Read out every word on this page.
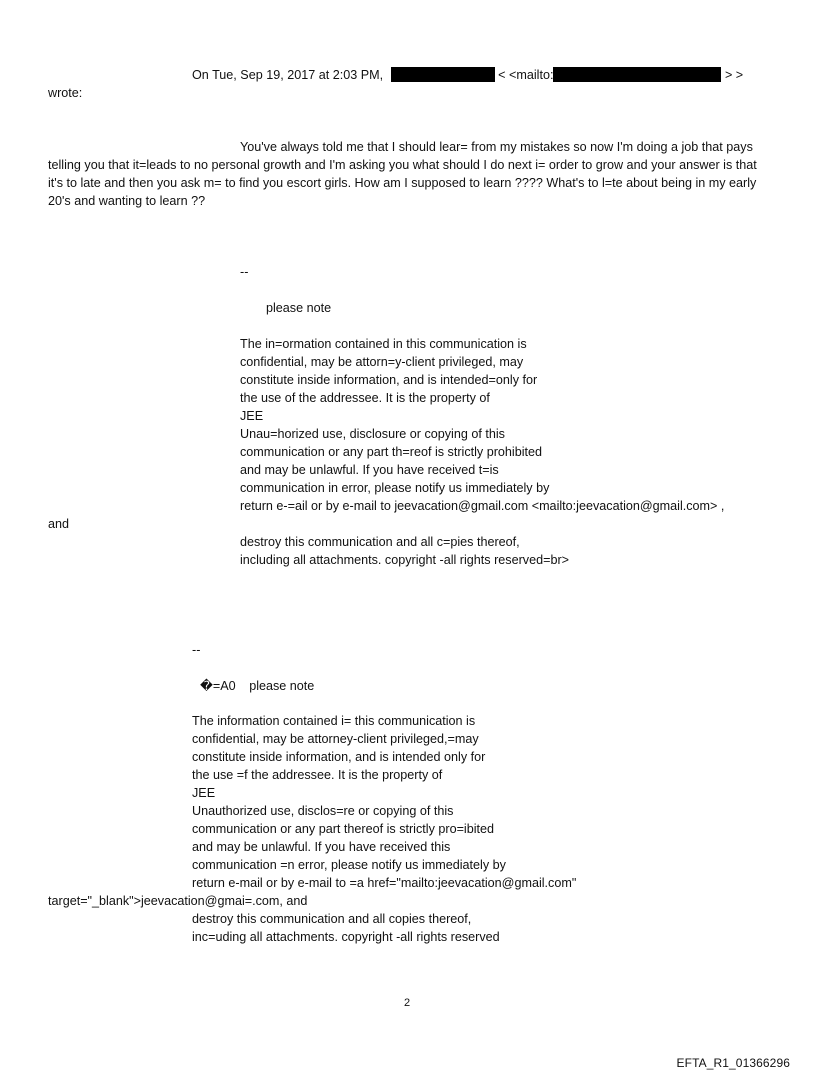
On Tue, Sep 19, 2017 at 2:03 PM,	< <mailto:	> >
wrote:

You've always told me that I should lear= from my mistakes so now I'm doing a job that pays telling you that it=leads to no personal growth and I'm asking you what should I do next i= order to grow and your answer is that it's to late and then you ask m= to find you escort girls. How am I supposed to learn ???? What's to l=te about being in my early 20's and wanting to learn ??

--
please note
The in=ormation contained in this communication is
confidential, may be attorn=y-client privileged, may
constitute inside information, and is intended=only for
the use of the addressee. It is the property of
JEE
Unau=horized use, disclosure or copying of this
communication or any part th=reof is strictly prohibited
and may be unlawful. If you have received t=is
communication in error, please notify us immediately by
return e-=ail or by e-mail to jeevacation@gmail.com <mailto:jeevacation@gmail.com> ,
and
destroy this communication and all c=pies thereof,
including all attachments. copyright -all rights reserved=br>
--
�=A0 please note
The information contained i= this communication is
confidential, may be attorney-client privileged,=may
constitute inside information, and is intended only for
the use =f the addressee. It is the property of
JEE
Unauthorized use, disclos=re or copying of this
communication or any part thereof is strictly pro=ibited
and may be unlawful. If you have received this
communication =n error, please notify us immediately by
return e-mail or by e-mail to =a href="mailto:jeevacation@gmail.com"
target="_blank">jeevacation@gmai=.com, and
destroy this communication and all copies thereof,
inc=uding all attachments. copyright -all rights reserved
2
EFTA_R1_01366296
